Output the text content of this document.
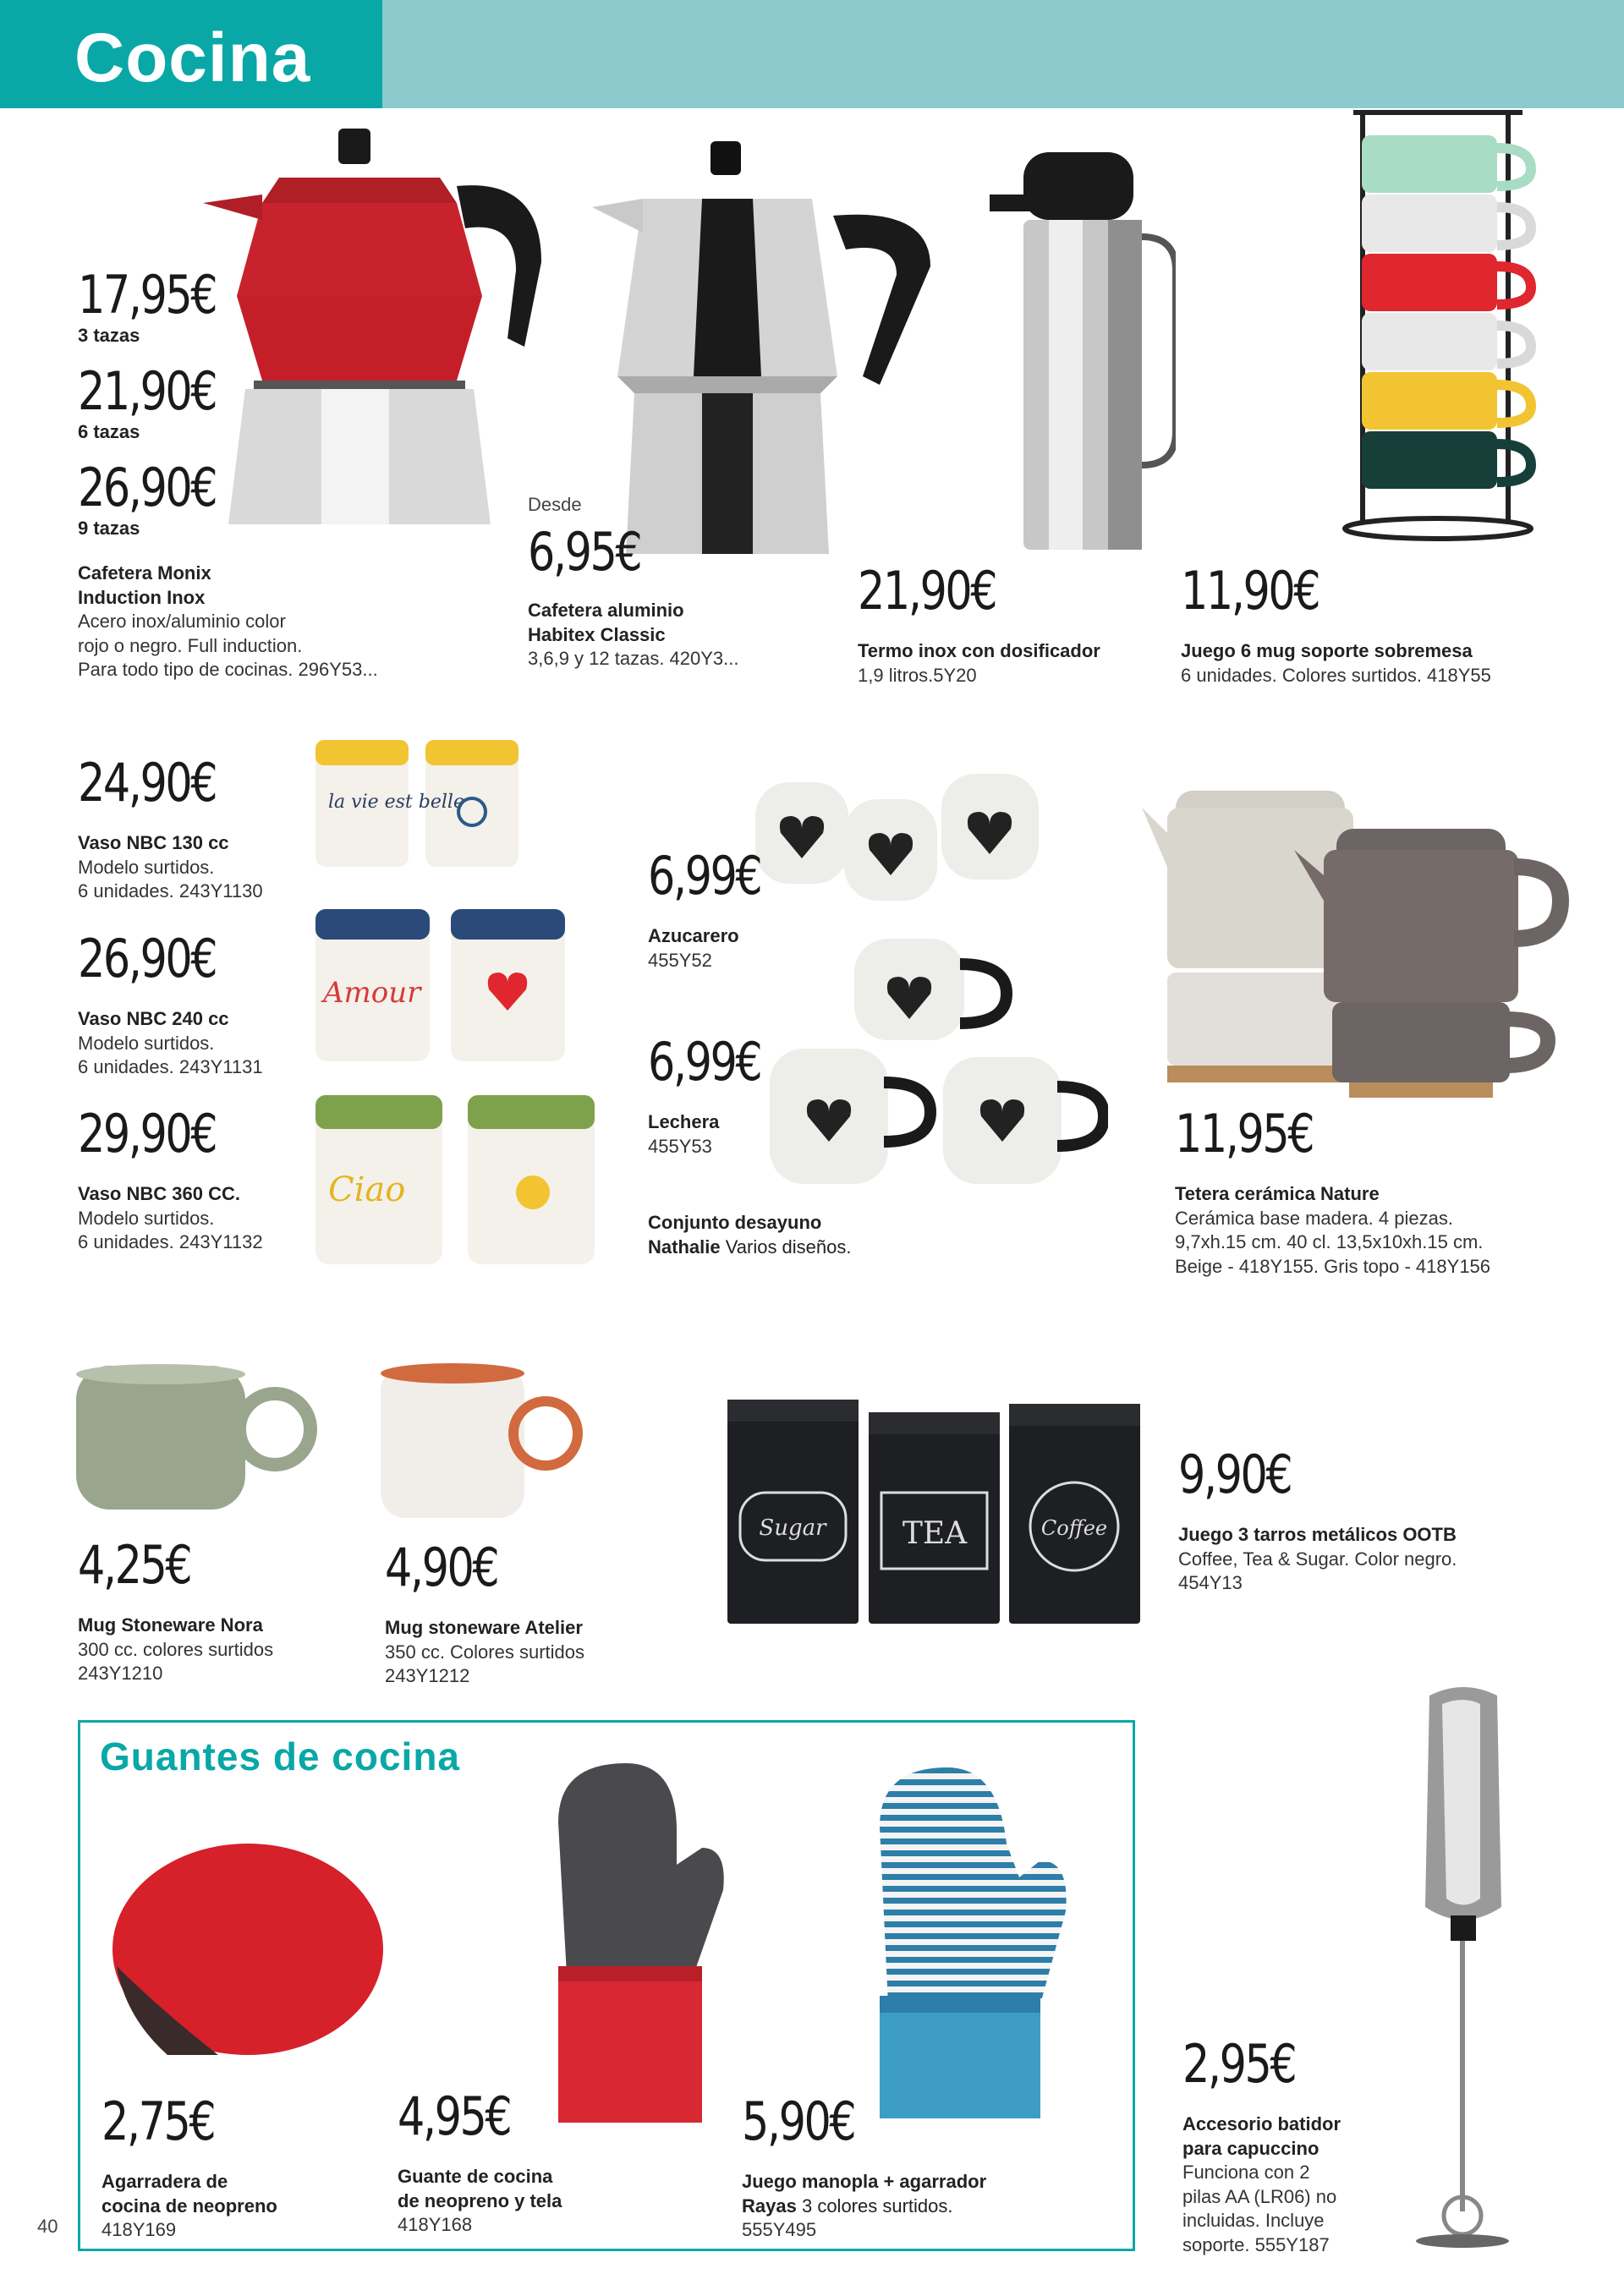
Cocina
17,95€
3 tazas
21,90€
6 tazas
26,90€
9 tazas
Cafetera Monix
Induction Inox
Acero inox/aluminio color
rojo o negro. Full induction.
Para todo tipo de cocinas. 296Y53...
Desde
6,95€
Cafetera aluminio
Habitex Classic
3,6,9 y 12 tazas. 420Y3...
21,90€
Termo inox con dosificador
1,9 litros.5Y20
11,90€
Juego 6 mug soporte sobremesa
6 unidades. Colores surtidos. 418Y55
24,90€
Vaso NBC 130 cc
Modelo surtidos.
6 unidades. 243Y1130
la vie est belle
26,90€
Vaso NBC 240 cc
Modelo surtidos.
6 unidades. 243Y1131
Amour
29,90€
Vaso NBC 360 CC.
Modelo surtidos.
6 unidades. 243Y1132
Ciao
6,99€
Azucarero
455Y52
6,99€
Lechera
455Y53
Conjunto desayuno
Nathalie Varios diseños.
11,95€
Tetera cerámica Nature
Cerámica base madera. 4 piezas.
9,7xh.15 cm. 40 cl. 13,5x10xh.15 cm.
Beige - 418Y155. Gris topo - 418Y156
4,25€
Mug Stoneware Nora
300 cc. colores surtidos
243Y1210
4,90€
Mug stoneware Atelier
350 cc. Colores surtidos
243Y1212
Sugar	TEA	Coffee
9,90€
Juego 3 tarros metálicos OOTB
Coffee, Tea & Sugar. Color negro.
454Y13
Guantes de cocina
2,75€
Agarradera de
cocina de neopreno
418Y169
4,95€
Guante de cocina
de neopreno y tela
418Y168
5,90€
Juego manopla + agarrador
Rayas 3 colores surtidos.
555Y495
2,95€
Accesorio batidor
para capuccino
Funciona con 2
pilas AA (LR06) no
incluidas. Incluye
soporte. 555Y187
40
